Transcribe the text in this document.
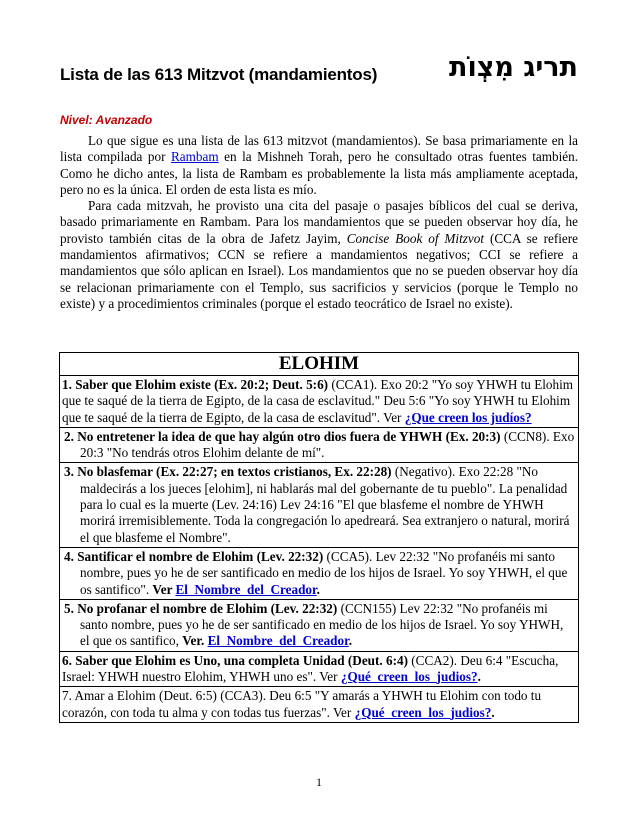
Lista de las 613 Mitzvot (mandamientos)	תריג מִצְוֹת
Nivel: Avanzado

Lo que sigue es una lista de las 613 mitzvot (mandamientos). Se basa primariamente en la lista compilada por Rambam en la Mishneh Torah, pero he consultado otras fuentes también. Como he dicho antes, la lista de Rambam es probablemente la lista más ampliamente aceptada, pero no es la única. El orden de esta lista es mío.

Para cada mitzvah, he provisto una cita del pasaje o pasajes bíblicos del cual se deriva, basado primariamente en Rambam. Para los mandamientos que se pueden observar hoy día, he provisto también citas de la obra de Jafetz Jayim, Concise Book of Mitzvot (CCA se refiere mandamientos afirmativos; CCN se refiere a mandamientos negativos; CCI se refiere a mandamientos que sólo aplican en Israel). Los mandamientos que no se pueden observar hoy día se relacionan primariamente con el Templo, sus sacrificios y servicios (porque le Templo no existe) y a procedimientos criminales (porque el estado teocrático de Israel no existe).

ELOHIM
1. Saber que Elohim existe (Ex. 20:2; Deut. 5:6) (CCA1). Exo 20:2 "Yo soy YHWH tu Elohim que te saqué de la tierra de Egipto, de la casa de esclavitud." Deu 5:6 "Yo soy YHWH tu Elohim que te saqué de la tierra de Egipto, de la casa de esclavitud". Ver ¿Que creen los judíos?

2. No entretener la idea de que hay algún otro dios fuera de YHWH (Ex. 20:3) (CCN8). Exo 20:3 "No tendrás otros Elohim delante de mí".

3. No blasfemar (Ex. 22:27; en textos cristianos, Ex. 22:28) (Negativo). Exo 22:28 "No maldecirás a los jueces [elohim], ni hablarás mal del gobernante de tu pueblo". La penalidad para lo cual es la muerte (Lev. 24:16) Lev 24:16 "El que blasfeme el nombre de YHWH morirá irremisiblemente. Toda la congregación lo apedreará. Sea extranjero o natural, morirá el que blasfeme el Nombre".

4. Santificar el nombre de Elohim (Lev. 22:32) (CCA5). Lev 22:32 "No profanéis mi santo nombre, pues yo he de ser santificado en medio de los hijos de Israel. Yo soy YHWH, el que os santifico". Ver El_Nombre_del_Creador.

5. No profanar el nombre de Elohim (Lev. 22:32) (CCN155) Lev 22:32 "No profanéis mi santo nombre, pues yo he de ser santificado en medio de los hijos de Israel. Yo soy YHWH, el que os santifico, Ver. El_Nombre_del_Creador.

6. Saber que Elohim es Uno, una completa Unidad (Deut. 6:4) (CCA2). Deu 6:4 "Escucha, Israel: YHWH nuestro Elohim, YHWH uno es". Ver ¿Qué_creen_los_judios?.
7. Amar a Elohim (Deut. 6:5) (CCA3). Deu 6:5 "Y amarás a YHWH tu Elohim con todo tu corazón, con toda tu alma y con todas tus fuerzas". Ver ¿Qué_creen_los_judios?.
1
